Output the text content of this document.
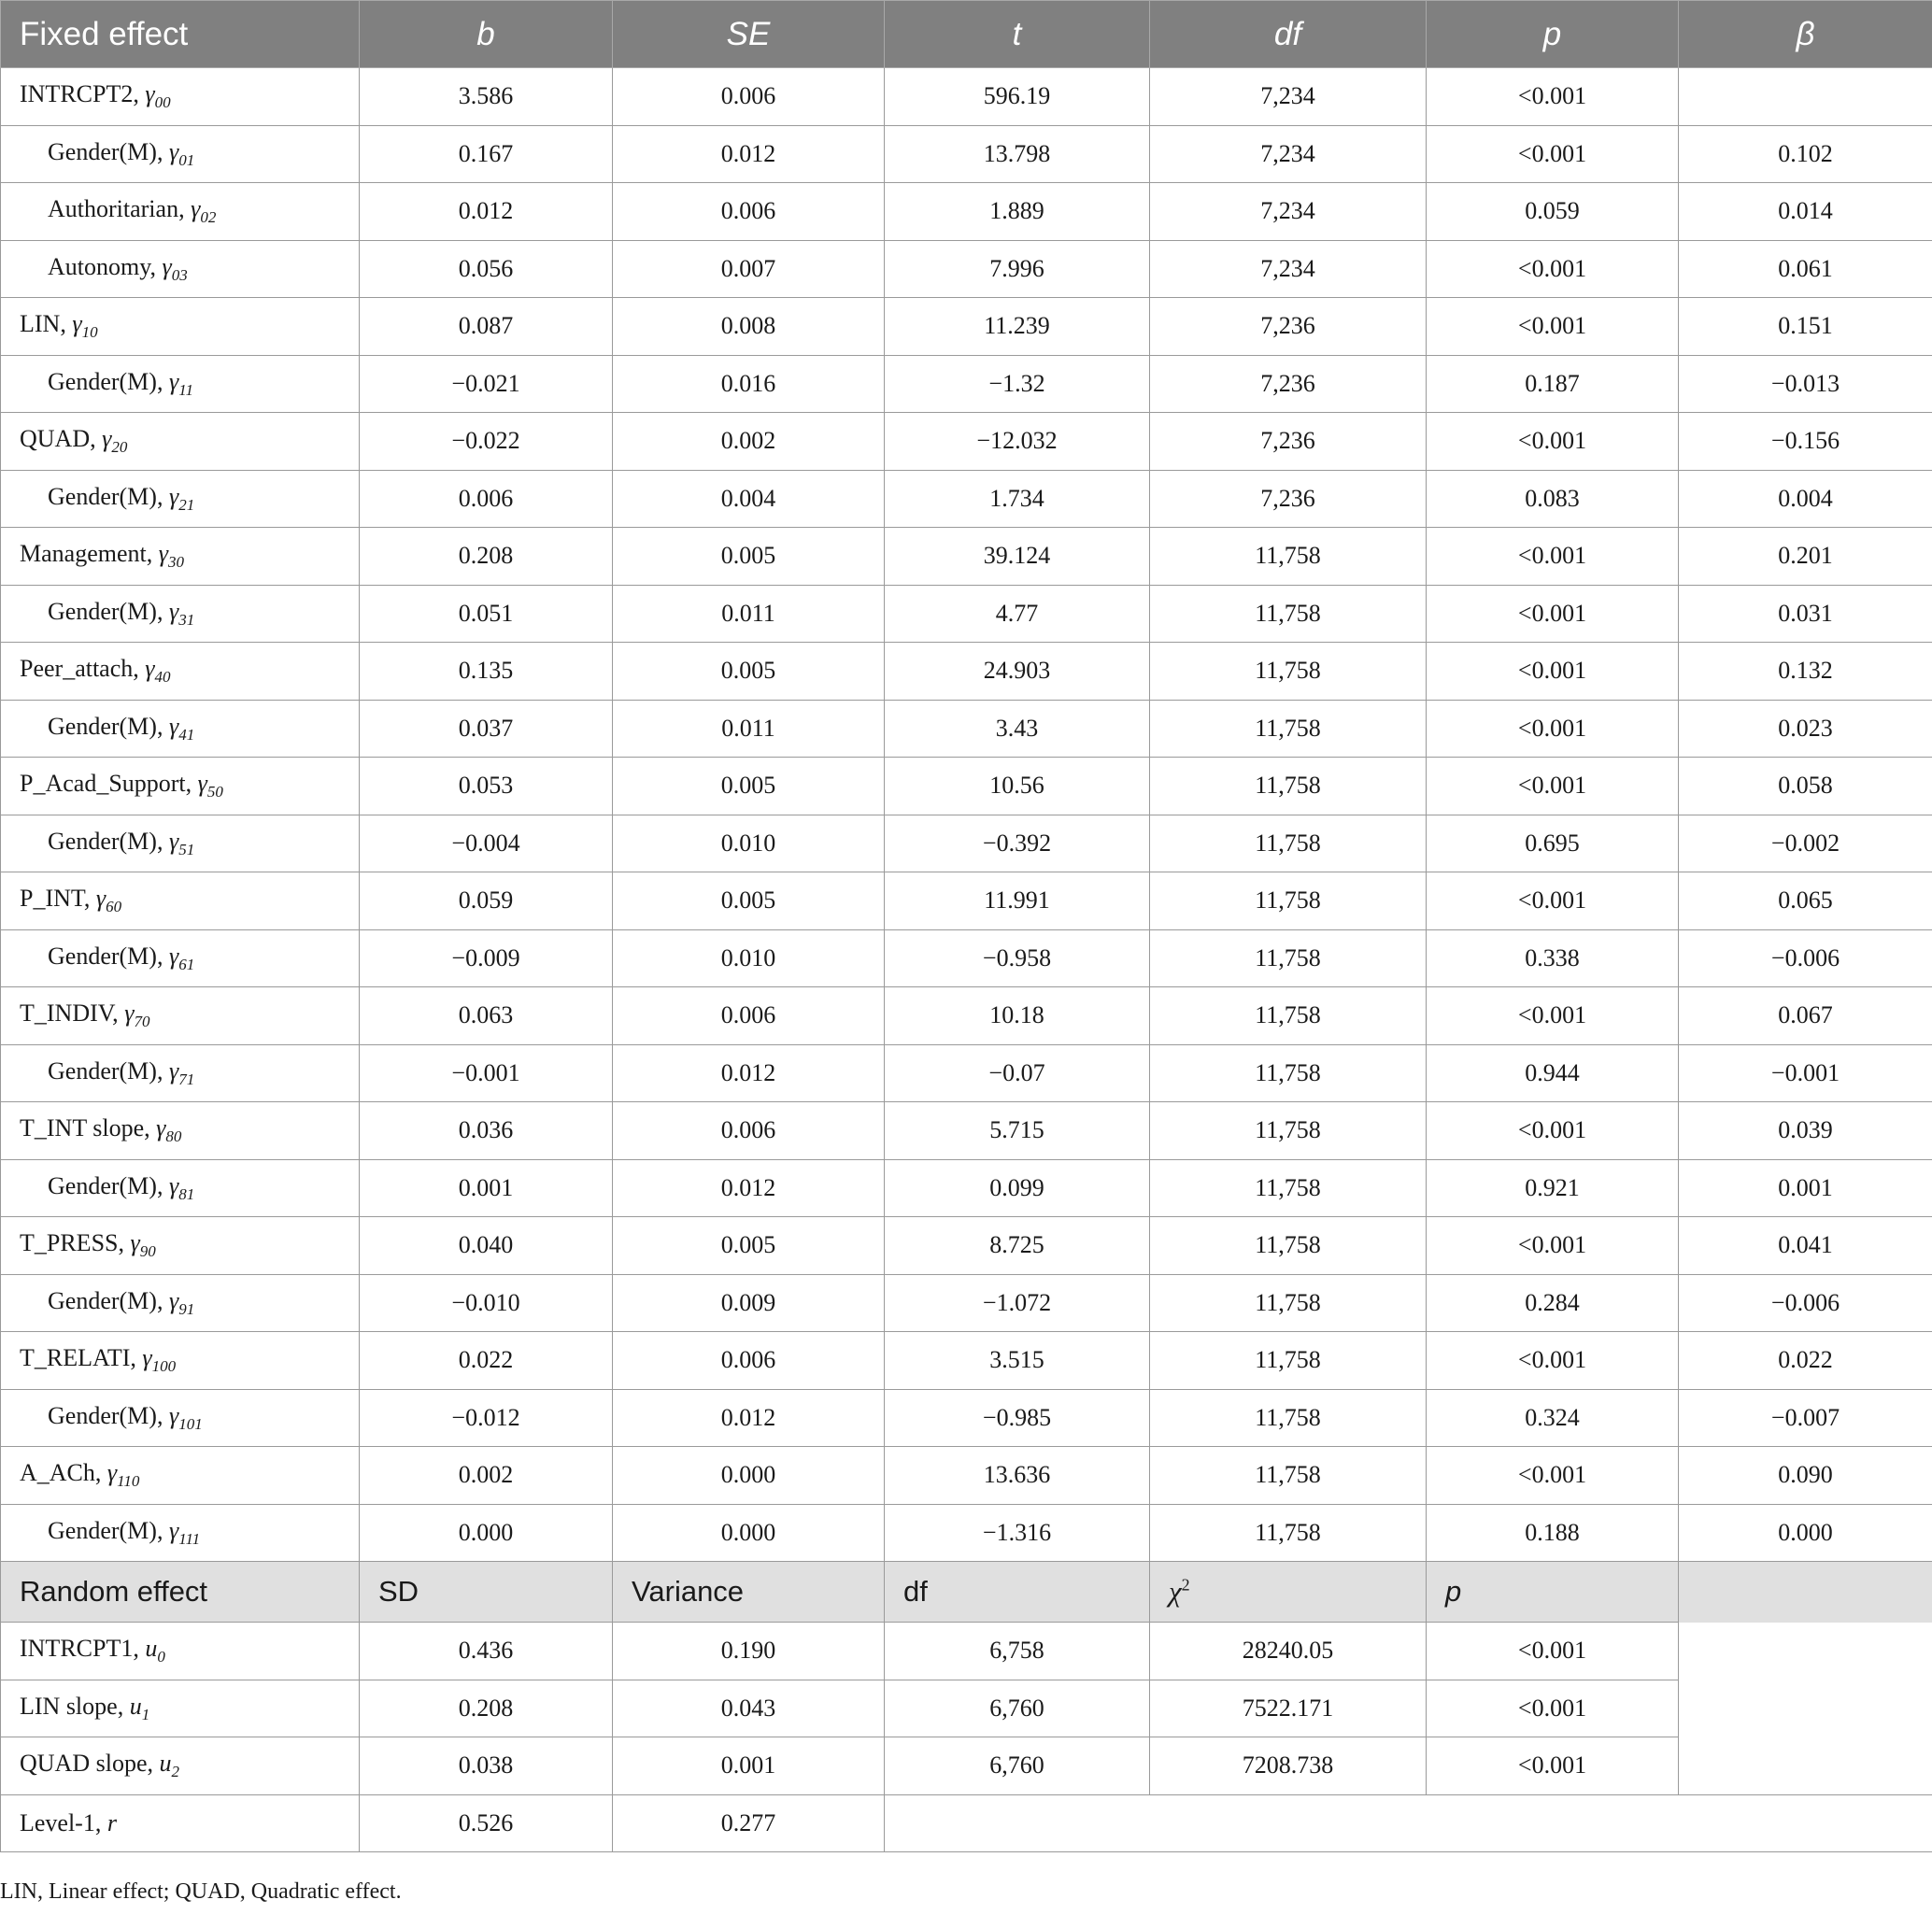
Fixed effect	b	SE	t	df	p	β
INTRCPT2, $\gamma_{00}$	3.586	0.006	596.19	7,234	<0.001	
Gender(M), $\gamma_{01}$	0.167	0.012	13.798	7,234	<0.001	0.102
Authoritarian, $\gamma_{02}$	0.012	0.006	1.889	7,234	0.059	0.014
Autonomy, $\gamma_{03}$	0.056	0.007	7.996	7,234	<0.001	0.061
LIN, $\gamma_{10}$	0.087	0.008	11.239	7,236	<0.001	0.151
Gender(M), $\gamma_{11}$	−0.021	0.016	−1.32	7,236	0.187	−0.013
QUAD, $\gamma_{20}$	−0.022	0.002	−12.032	7,236	<0.001	−0.156
Gender(M), $\gamma_{21}$	0.006	0.004	1.734	7,236	0.083	0.004
Management, $\gamma_{30}$	0.208	0.005	39.124	11,758	<0.001	0.201
Gender(M), $\gamma_{31}$	0.051	0.011	4.77	11,758	<0.001	0.031
Peer_attach, $\gamma_{40}$	0.135	0.005	24.903	11,758	<0.001	0.132
Gender(M), $\gamma_{41}$	0.037	0.011	3.43	11,758	<0.001	0.023
P_Acad_Support, $\gamma_{50}$	0.053	0.005	10.56	11,758	<0.001	0.058
Gender(M), $\gamma_{51}$	−0.004	0.010	−0.392	11,758	0.695	−0.002
P_INT, $\gamma_{60}$	0.059	0.005	11.991	11,758	<0.001	0.065
Gender(M), $\gamma_{61}$	−0.009	0.010	−0.958	11,758	0.338	−0.006
T_INDIV, $\gamma_{70}$	0.063	0.006	10.18	11,758	<0.001	0.067
Gender(M), $\gamma_{71}$	−0.001	0.012	−0.07	11,758	0.944	−0.001
T_INT slope, $\gamma_{80}$	0.036	0.006	5.715	11,758	<0.001	0.039
Gender(M), $\gamma_{81}$	0.001	0.012	0.099	11,758	0.921	0.001
T_PRESS, $\gamma_{90}$	0.040	0.005	8.725	11,758	<0.001	0.041
Gender(M), $\gamma_{91}$	−0.010	0.009	−1.072	11,758	0.284	−0.006
T_RELATI, $\gamma_{100}$	0.022	0.006	3.515	11,758	<0.001	0.022
Gender(M), $\gamma_{101}$	−0.012	0.012	−0.985	11,758	0.324	−0.007
A_ACh, $\gamma_{110}$	0.002	0.000	13.636	11,758	<0.001	0.090
Gender(M), $\gamma_{111}$	0.000	0.000	−1.316	11,758	0.188	0.000
Random effect	SD	Variance	df	$\chi^2$	p	
INTRCPT1, $u_0$	0.436	0.190	6,758	28240.05	<0.001	
LIN slope, $u_1$	0.208	0.043	6,760	7522.171	<0.001	
QUAD slope, $u_2$	0.038	0.001	6,760	7208.738	<0.001	
Level-1, r	0.526	0.277				
LIN, Linear effect; QUAD, Quadratic effect.
